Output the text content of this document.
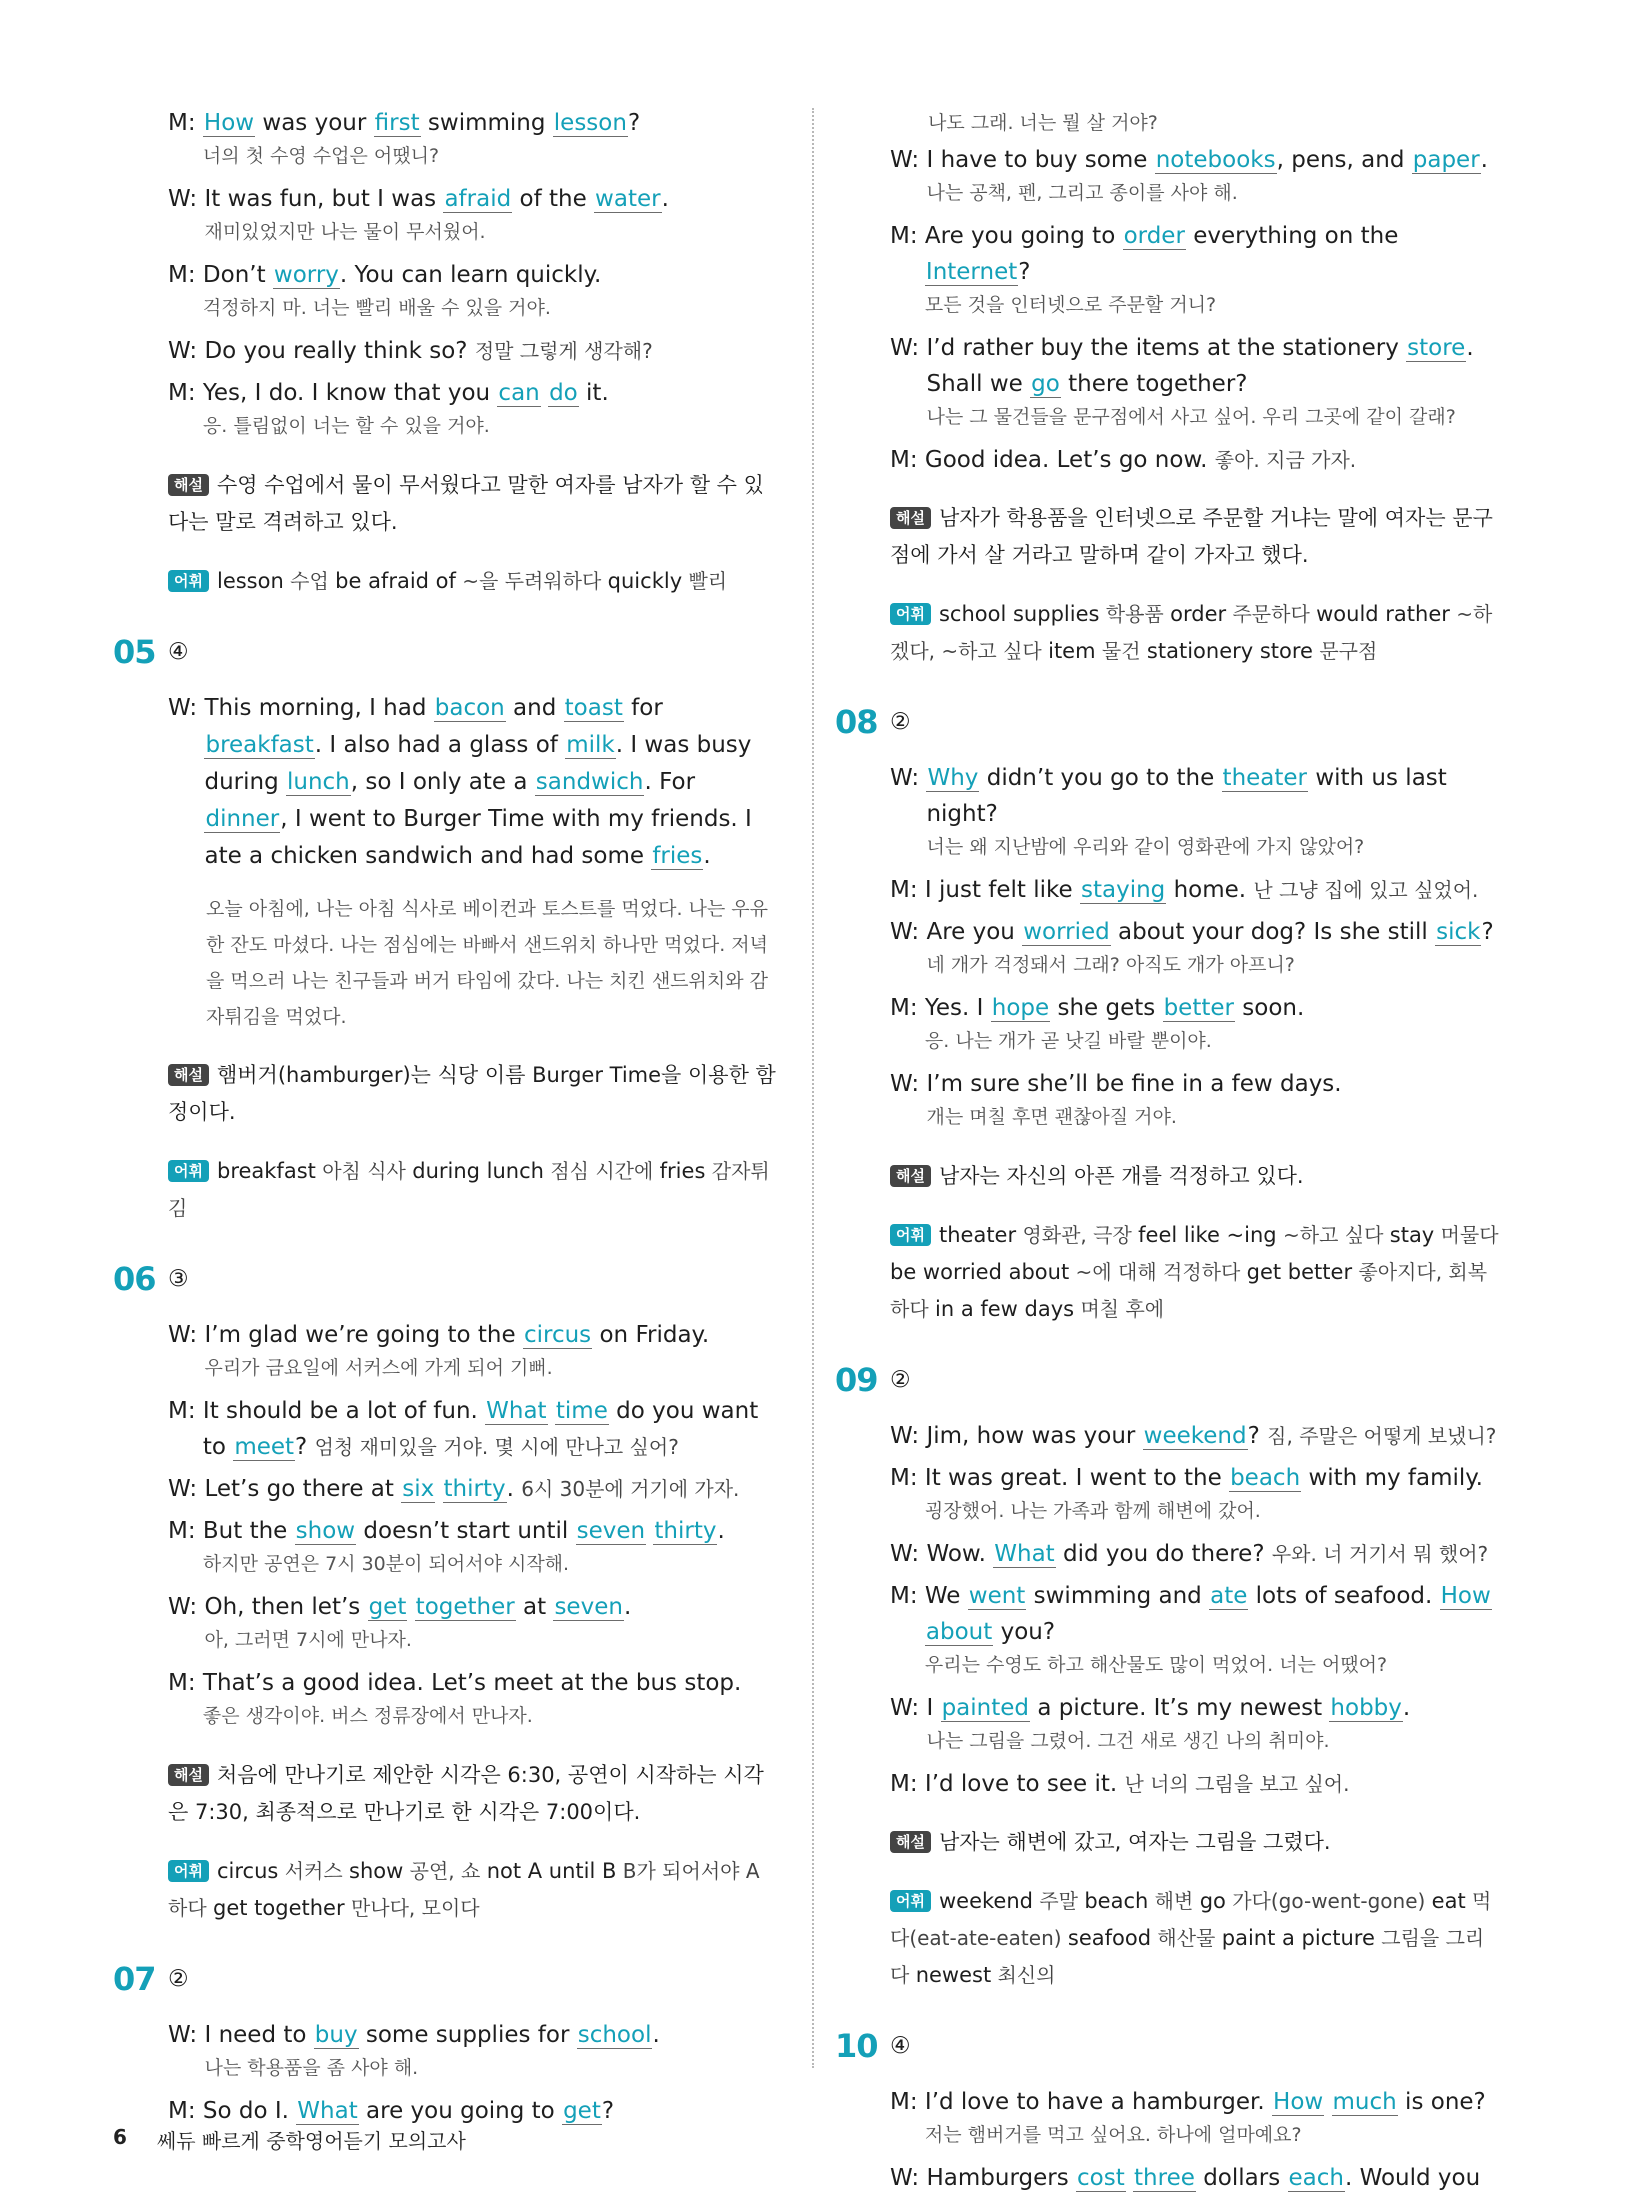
M: How was your first swimming lesson?

너의 첫 수영 수업은 어땠니?

W: It was fun, but I was afraid of the water.

재미있었지만 나는 물이 무서웠어.

M: Don’t worry. You can learn quickly.

걱정하지 마. 너는 빨리 배울 수 있을 거야.

W: Do you really think so? 정말 그렇게 생각해?

M: Yes, I do. I know that you can do it.

응. 틀림없이 너는 할 수 있을 거야.

해설 수영 수업에서 물이 무서웠다고 말한 여자를 남자가 할 수 있다는 말로 격려하고 있다.

어휘 lesson 수업 be afraid of ~을 두려워하다 quickly 빨리

05 ④
W: This morning, I had bacon and toast for breakfast. I also had a glass of milk. I was busy during lunch, so I only ate a sandwich. For dinner, I went to Burger Time with my friends. I ate a chicken sandwich and had some fries.

오늘 아침에, 나는 아침 식사로 베이컨과 토스트를 먹었다. 나는 우유 한 잔도 마셨다. 나는 점심에는 바빠서 샌드위치 하나만 먹었다. 저녁을 먹으러 나는 친구들과 버거 타임에 갔다. 나는 치킨 샌드위치와 감자튀김을 먹었다.

해설 햄버거(hamburger)는 식당 이름 Burger Time을 이용한 함정이다.

어휘 breakfast 아침 식사 during lunch 점심 시간에 fries 감자튀김

06 ③
W: I’m glad we’re going to the circus on Friday.

우리가 금요일에 서커스에 가게 되어 기뻐.

M: It should be a lot of fun. What time do you want to meet? 엄청 재미있을 거야. 몇 시에 만나고 싶어?

W: Let’s go there at six thirty. 6시 30분에 거기에 가자.

M: But the show doesn’t start until seven thirty.

하지만 공연은 7시 30분이 되어서야 시작해.

W: Oh, then let’s get together at seven.

아, 그러면 7시에 만나자.

M: That’s a good idea. Let’s meet at the bus stop.

좋은 생각이야. 버스 정류장에서 만나자.

해설 처음에 만나기로 제안한 시각은 6:30, 공연이 시작하는 시각은 7:30, 최종적으로 만나기로 한 시각은 7:00이다.

어휘 circus 서커스 show 공연, 쇼 not A until B B가 되어서야 A하다 get together 만나다, 모이다

07 ②
W: I need to buy some supplies for school.

나는 학용품을 좀 사야 해.

M: So do I. What are you going to get?

나도 그래. 너는 뭘 살 거야?

W: I have to buy some notebooks, pens, and paper.

나는 공책, 펜, 그리고 종이를 사야 해.

M: Are you going to order everything on the Internet?

모든 것을 인터넷으로 주문할 거니?

W: I’d rather buy the items at the stationery store. Shall we go there together?

나는 그 물건들을 문구점에서 사고 싶어. 우리 그곳에 같이 갈래?

M: Good idea. Let’s go now. 좋아. 지금 가자.

해설 남자가 학용품을 인터넷으로 주문할 거냐는 말에 여자는 문구점에 가서 살 거라고 말하며 같이 가자고 했다.

어휘 school supplies 학용품 order 주문하다 would rather ~하겠다, ~하고 싶다 item 물건 stationery store 문구점

08 ②
W: Why didn’t you go to the theater with us last night?

너는 왜 지난밤에 우리와 같이 영화관에 가지 않았어?

M: I just felt like staying home. 난 그냥 집에 있고 싶었어.

W: Are you worried about your dog? Is she still sick?

네 개가 걱정돼서 그래? 아직도 개가 아프니?

M: Yes. I hope she gets better soon.

응. 나는 개가 곧 낫길 바랄 뿐이야.

W: I’m sure she’ll be fine in a few days.

개는 며칠 후면 괜찮아질 거야.

해설 남자는 자신의 아픈 개를 걱정하고 있다.

어휘 theater 영화관, 극장 feel like ~ing ~하고 싶다 stay 머물다 be worried about ~에 대해 걱정하다 get better 좋아지다, 회복하다 in a few days 며칠 후에

09 ②
W: Jim, how was your weekend? 짐, 주말은 어떻게 보냈니?

M: It was great. I went to the beach with my family.

굉장했어. 나는 가족과 함께 해변에 갔어.

W: Wow. What did you do there? 우와. 너 거기서 뭐 했어?

M: We went swimming and ate lots of seafood. How about you?

우리는 수영도 하고 해산물도 많이 먹었어. 너는 어땠어?

W: I painted a picture. It’s my newest hobby.

나는 그림을 그렸어. 그건 새로 생긴 나의 취미야.

M: I’d love to see it. 난 너의 그림을 보고 싶어.

해설 남자는 해변에 갔고, 여자는 그림을 그렸다.

어휘 weekend 주말 beach 해변 go 가다(go-went-gone) eat 먹다(eat-ate-eaten) seafood 해산물 paint a picture 그림을 그리다 newest 최신의

10 ④
M: I’d love to have a hamburger. How much is one?

저는 햄버거를 먹고 싶어요. 하나에 얼마예요?

W: Hamburgers cost three dollars each. Would you

6 쎄듀 빠르게 중학영어듣기 모의고사
